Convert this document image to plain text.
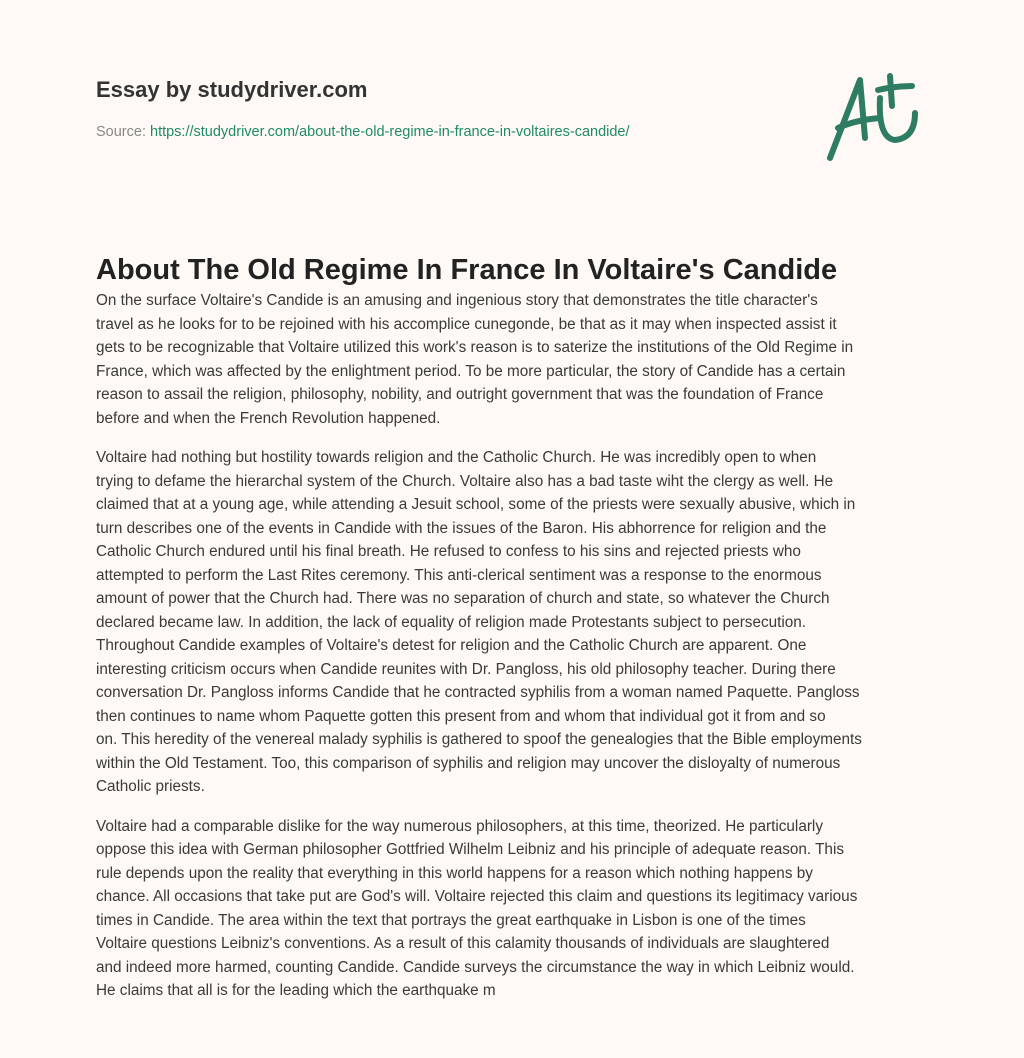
Essay by studydriver.com
Source: https://studydriver.com/about-the-old-regime-in-france-in-voltaires-candide/
About The Old Regime In France In Voltaire's Candide

On the surface Voltaire's Candide is an amusing and ingenious story that demonstrates the title character's
travel as he looks for to be rejoined with his accomplice cunegonde, be that as it may when inspected assist it
gets to be recognizable that Voltaire utilized this work's reason is to saterize the institutions of the Old Regime in
France, which was affected by the enlightment period. To be more particular, the story of Candide has a certain
reason to assail the religion, philosophy, nobility, and outright government that was the foundation of France
before and when the French Revolution happened.

Voltaire had nothing but hostility towards religion and the Catholic Church. He was incredibly open to when
trying to defame the hierarchal system of the Church. Voltaire also has a bad taste wiht the clergy as well. He
claimed that at a young age, while attending a Jesuit school, some of the priests were sexually abusive, which in
turn describes one of the events in Candide with the issues of the Baron. His abhorrence for religion and the
Catholic Church endured until his final breath. He refused to confess to his sins and rejected priests who
attempted to perform the Last Rites ceremony. This anti-clerical sentiment was a response to the enormous
amount of power that the Church had. There was no separation of church and state, so whatever the Church
declared became law. In addition, the lack of equality of religion made Protestants subject to persecution.
Throughout Candide examples of Voltaire's detest for religion and the Catholic Church are apparent. One
interesting criticism occurs when Candide reunites with Dr. Pangloss, his old philosophy teacher. During there
conversation Dr. Pangloss informs Candide that he contracted syphilis from a woman named Paquette. Pangloss
then continues to name whom Paquette gotten this present from and whom that individual got it from and so
on. This heredity of the venereal malady syphilis is gathered to spoof the genealogies that the Bible employments
within the Old Testament. Too, this comparison of syphilis and religion may uncover the disloyalty of numerous
Catholic priests.

Voltaire had a comparable dislike for the way numerous philosophers, at this time, theorized. He particularly
oppose this idea with German philosopher Gottfried Wilhelm Leibniz and his principle of adequate reason. This
rule depends upon the reality that everything in this world happens for a reason which nothing happens by
chance. All occasions that take put are God's will. Voltaire rejected this claim and questions its legitimacy various
times in Candide. The area within the text that portrays the great earthquake in Lisbon is one of the times
Voltaire questions Leibniz's conventions. As a result of this calamity thousands of individuals are slaughtered
and indeed more harmed, counting Candide. Candide surveys the circumstance the way in which Leibniz would.
He claims that all is for the leading which the earthquake m
